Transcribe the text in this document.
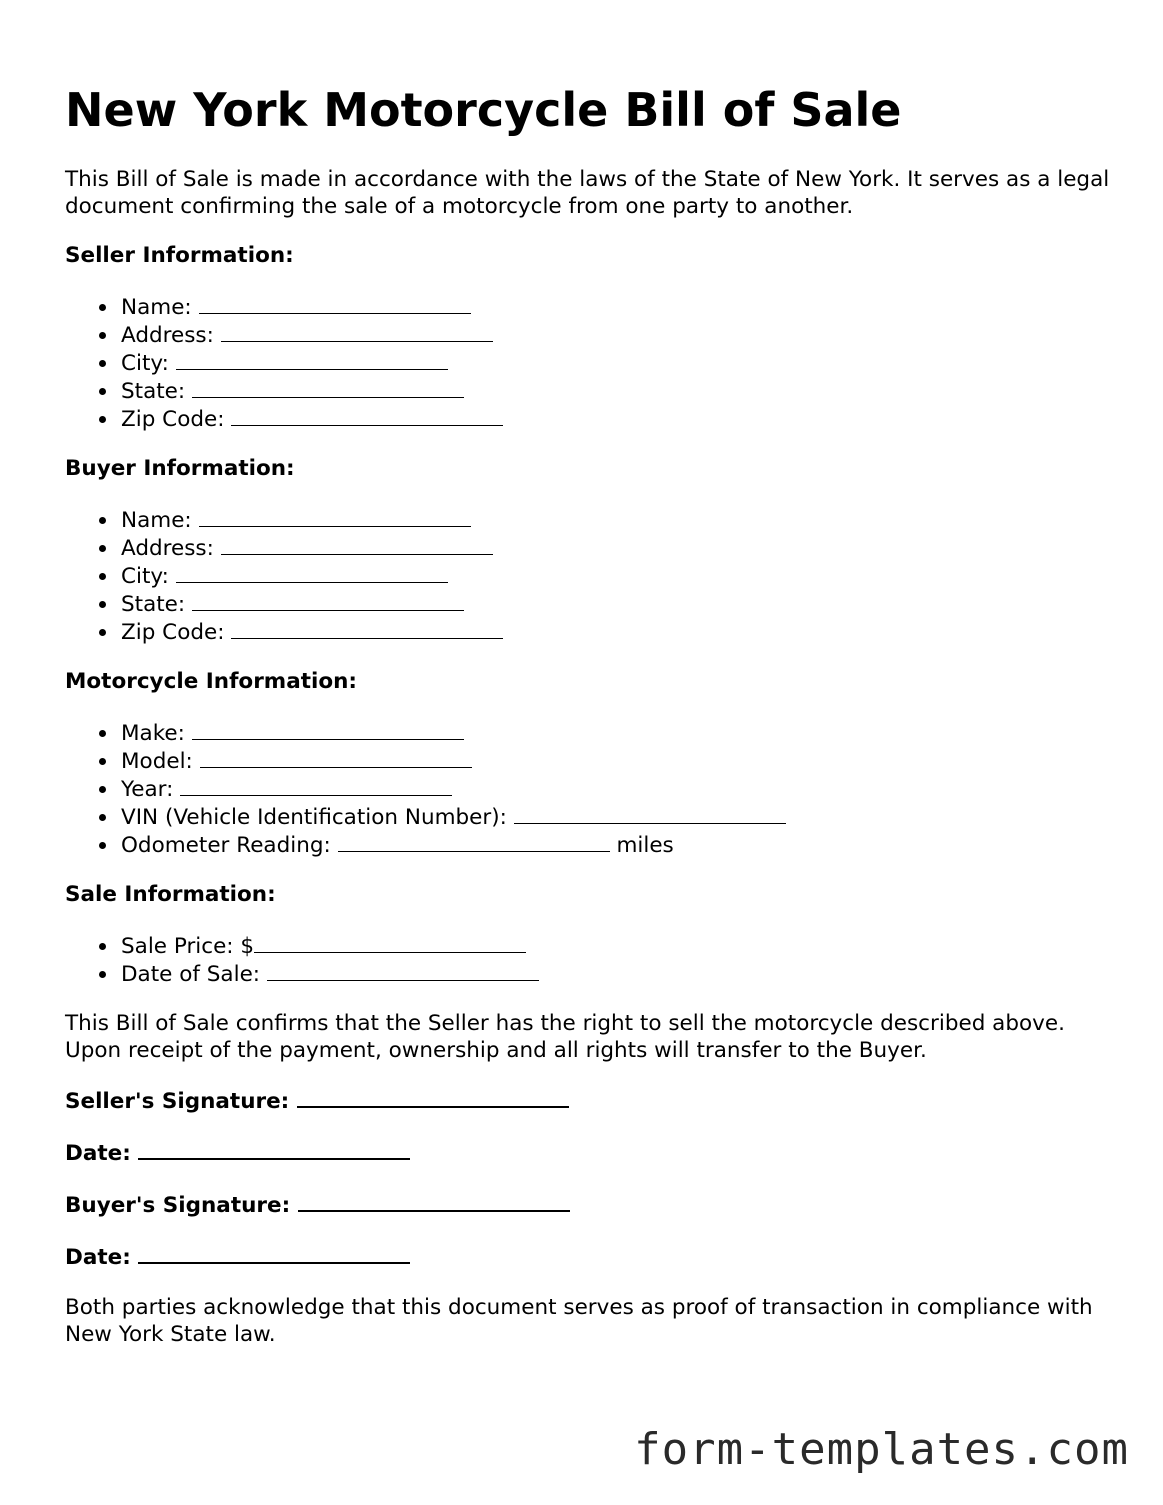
New York Motorcycle Bill of Sale

This Bill of Sale is made in accordance with the laws of the State of New York. It serves as a legal document confirming the sale of a motorcycle from one party to another.

Seller Information:
Name:
Address:
City:
State:
Zip Code:
Buyer Information:
Name:
Address:
City:
State:
Zip Code:
Motorcycle Information:
Make:
Model:
Year:
VIN (Vehicle Identification Number):
Odometer Reading:	miles
Sale Information:
Sale Price: $
Date of Sale:

This Bill of Sale confirms that the Seller has the right to sell the motorcycle described above. Upon receipt of the payment, ownership and all rights will transfer to the Buyer.

Seller's Signature:
Date:
Buyer's Signature:
Date:

Both parties acknowledge that this document serves as proof of transaction in compliance with New York State law.

form-templates.com
